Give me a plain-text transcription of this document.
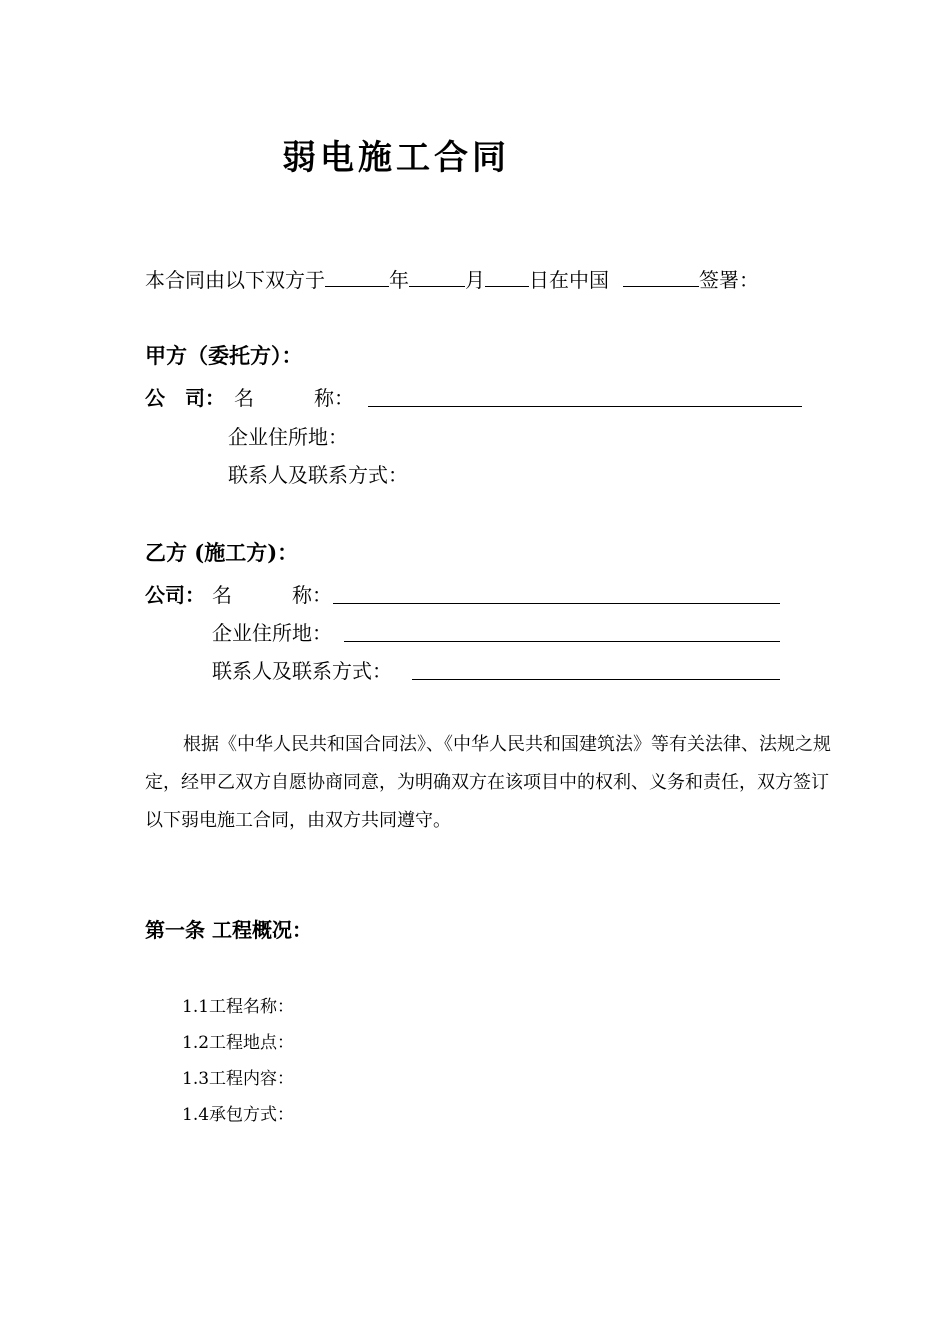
弱电施工合同
本合同由以下双方于	年	月 日在中国	签署：
甲方（委托方）：
公　司： 名　　　称：
企业住所地：
联系人及联系方式：
乙方 (施工方)：
公司： 名　　　称：
企业住所地：
联系人及联系方式：
根据《中华人民共和国合同法》、《中华人民共和国建筑法》等有关法律、法规之规定，经甲乙双方自愿协商同意，为明确双方在该项目中的权利、义务和责任，双方签订以下弱电施工合同，由双方共同遵守。
第一条 工程概况：
1.1工程名称：
1.2工程地点：
1.3工程内容：
1.4承包方式：
